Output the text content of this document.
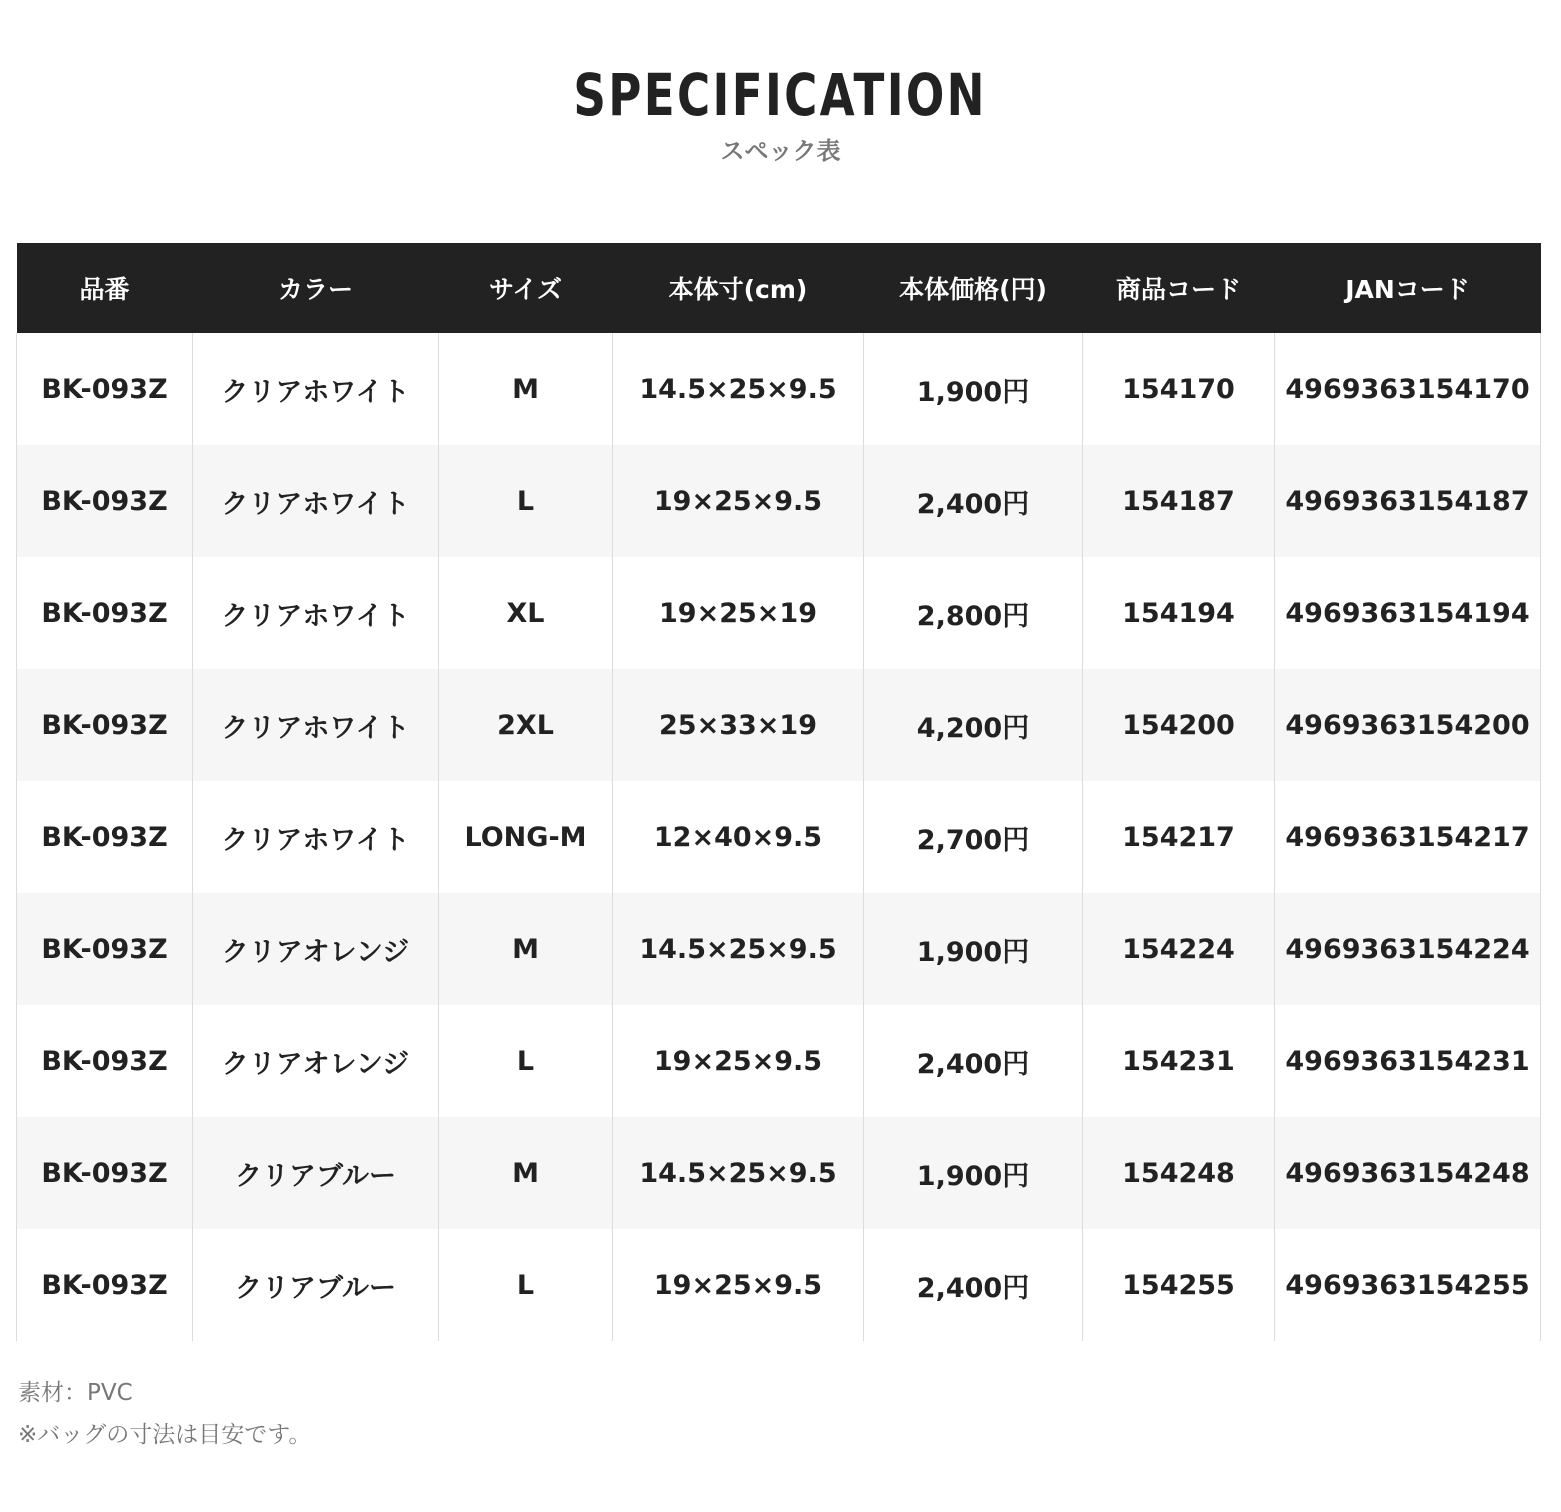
SPECIFICATION
スペック表
品番	カラー	サイズ	本体寸(cm)	本体価格(円)	商品コード	JANコード
BK-093Z	クリアホワイト	M	14.5×25×9.5	1,900円	154170	4969363154170
BK-093Z	クリアホワイト	L	19×25×9.5	2,400円	154187	4969363154187
BK-093Z	クリアホワイト	XL	19×25×19	2,800円	154194	4969363154194
BK-093Z	クリアホワイト	2XL	25×33×19	4,200円	154200	4969363154200
BK-093Z	クリアホワイト	LONG-M	12×40×9.5	2,700円	154217	4969363154217
BK-093Z	クリアオレンジ	M	14.5×25×9.5	1,900円	154224	4969363154224
BK-093Z	クリアオレンジ	L	19×25×9.5	2,400円	154231	4969363154231
BK-093Z	クリアブルー	M	14.5×25×9.5	1,900円	154248	4969363154248
BK-093Z	クリアブルー	L	19×25×9.5	2,400円	154255	4969363154255
素材：PVC
※バッグの寸法は目安です。
